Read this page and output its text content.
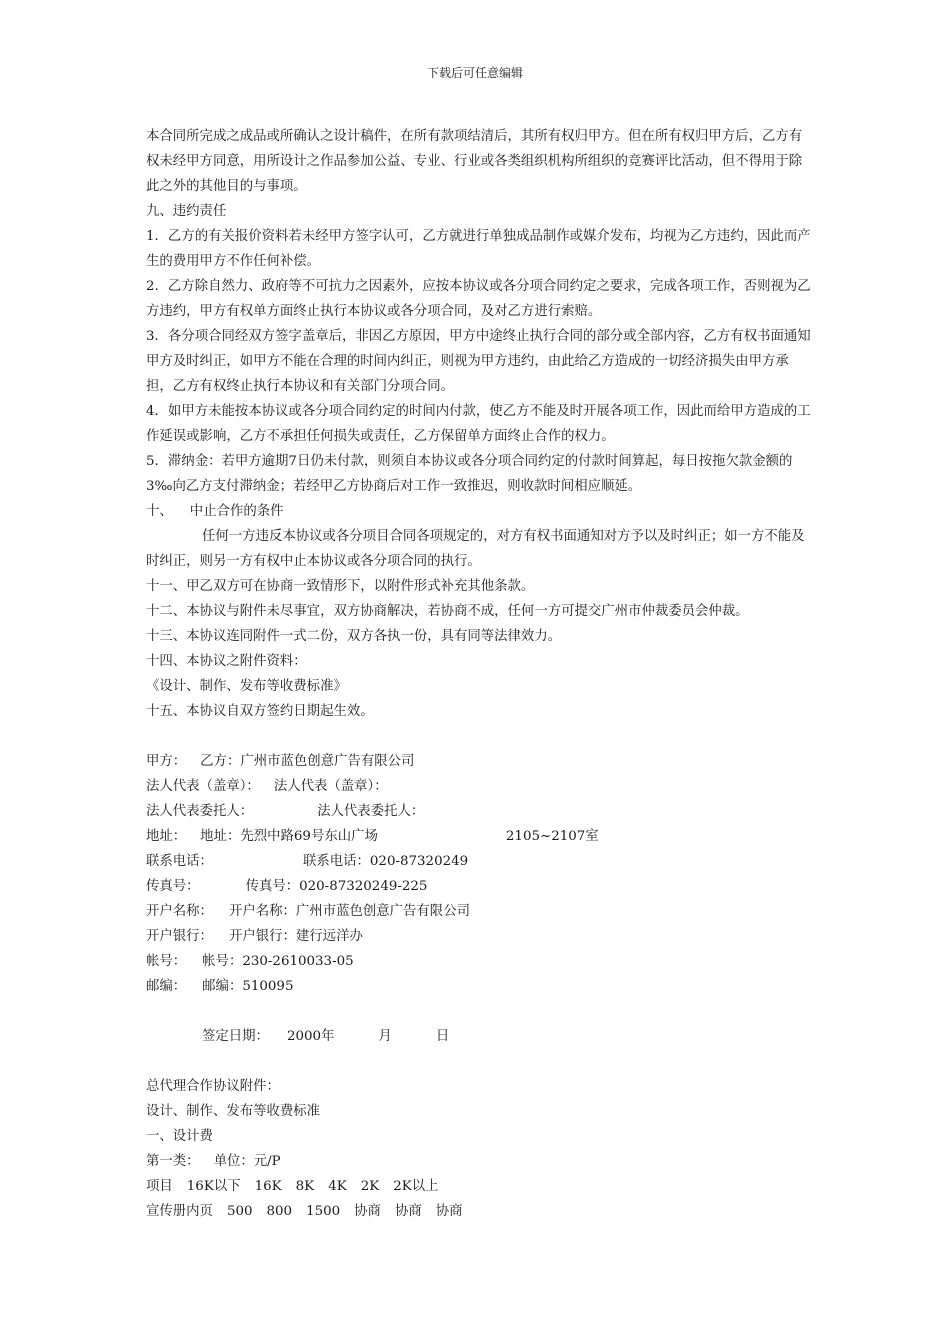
下载后可任意编辑
本合同所完成之成品或所确认之设计稿件，在所有款项结清后，其所有权归甲方。但在所有权归甲方后，乙方有权未经甲方同意，用所设计之作品参加公益、专业、行业或各类组织机构所组织的竞赛评比活动，但不得用于除此之外的其他目的与事项。
九、违约责任
1．乙方的有关报价资料若未经甲方签字认可，乙方就进行单独成品制作或媒介发布，均视为乙方违约，因此而产生的费用甲方不作任何补偿。
2．乙方除自然力、政府等不可抗力之因素外，应按本协议或各分项合同约定之要求，完成各项工作，否则视为乙方违约，甲方有权单方面终止执行本协议或各分项合同，及对乙方进行索赔。
3．各分项合同经双方签字盖章后，非因乙方原因，甲方中途终止执行合同的部分或全部内容，乙方有权书面通知甲方及时纠正，如甲方不能在合理的时间内纠正，则视为甲方违约，由此给乙方造成的一切经济损失由甲方承担，乙方有权终止执行本协议和有关部门分项合同。
4．如甲方未能按本协议或各分项合同约定的时间内付款，使乙方不能及时开展各项工作，因此而给甲方造成的工作延误或影响，乙方不承担任何损失或责任，乙方保留单方面终止合作的权力。
5．滞纳金：若甲方逾期7日仍未付款，则须自本协议或各分项合同约定的付款时间算起，每日按拖欠款金额的3‰向乙方支付滞纳金；若经甲乙方协商后对工作一致推迟，则收款时间相应顺延。
十、    中止合作的条件
任何一方违反本协议或各分项目合同各项规定的，对方有权书面通知对方予以及时纠正；如一方不能及时纠正，则另一方有权中止本协议或各分项合同的执行。
十一、甲乙双方可在协商一致情形下，以附件形式补充其他条款。
十二、本协议与附件未尽事宜，双方协商解决，若协商不成，任何一方可提交广州市仲裁委员会仲裁。
十三、本协议连同附件一式二份，双方各执一份，具有同等法律效力。
十四、本协议之附件资料：
《设计、制作、发布等收费标准》
十五、本协议自双方签约日期起生效。
甲方： 乙方：广州市蓝色创意广告有限公司
法人代表（盖章）： 法人代表（盖章）：
法人代表委托人：	法人代表委托人：
地址： 地址：先烈中路69号东山广场	2105~2107室
联系电话：	联系电话：020-87320249
传真号：	传真号：020-87320249-225
开户名称： 开户名称：广州市蓝色创意广告有限公司
开户银行： 开户银行：建行远洋办
帐号： 帐号：230-2610033-05
邮编： 邮编：510095
签定日期： 2000年	月	日
总代理合作协议附件：
设计、制作、发布等收费标准
一、设计费
第一类： 单位：元/P
项目 16K以下 16K 8K 4K 2K 2K以上
宣传册内页 500 800 1500 协商 协商 协商
